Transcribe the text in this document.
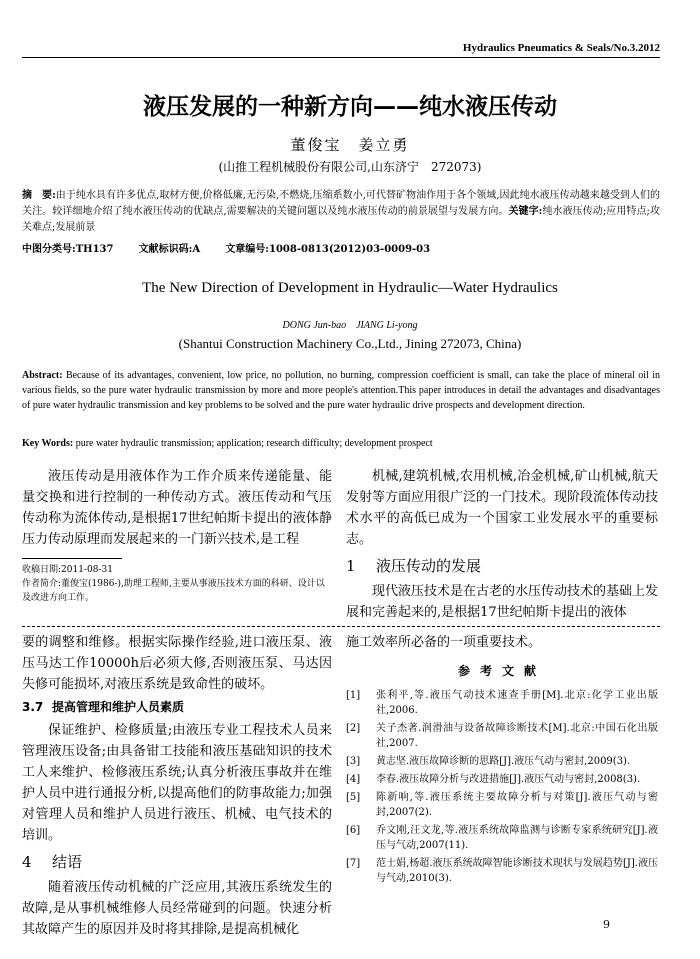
Hydraulics Pneumatics & Seals/No.3.2012
液压发展的一种新方向——纯水液压传动
董俊宝　姜立勇
(山推工程机械股份有限公司,山东济宁　272073)
摘　要:由于纯水具有许多优点,取材方便,价格低廉,无污染,不燃烧,压缩系数小,可代替矿物油作用于各个领域,因此纯水液压传动越来越受到人们的关注。较详细地介绍了纯水液压传动的优缺点,需要解决的关键问题以及纯水液压传动的前景展望与发展方向。关键字:纯水液压传动;应用特点;攻关难点;发展前景
中图分类号:TH137	文献标识码:A	文章编号:1008-0813(2012)03-0009-03
The New Direction of Development in Hydraulic—Water Hydraulics
DONG Jun-bao　JIANG Li-yong
(Shantui Construction Machinery Co.,Ltd., Jining 272073, China)
Abstract: Because of its advantages, convenient, low price, no pollution, no burning, compression coefficient is small, can take the place of mineral oil in various fields, so the pure water hydraulic transmission by more and more people's attention.This paper introduces in detail the advantages and disadvantages of pure water hydraulic transmission and key problems to be solved and the pure water hydraulic drive prospects and development direction.
Key Words: pure water hydraulic transmission; application; research difficulty; development prospect

液压传动是用液体作为工作介质来传递能量、能量交换和进行控制的一种传动方式。液压传动和气压传动称为流体传动,是根据17世纪帕斯卡提出的液体静压力传动原理而发展起来的一门新兴技术,是工程

收稿日期:2011-08-31
作者简介:董俊宝(1986-),助理工程师,主要从事液压技术方面的科研、设计以及改进方向工作。

机械,建筑机械,农用机械,冶金机械,矿山机械,航天发射等方面应用很广泛的一门技术。现阶段流体传动技术水平的高低已成为一个国家工业发展水平的重要标志。

1 液压传动的发展

现代液压技术是在古老的水压传动技术的基础上发展和完善起来的,是根据17世纪帕斯卡提出的液体

要的调整和维修。根据实际操作经验,进口液压泵、液压马达工作10000h后必须大修,否则液压泵、马达因失修可能损坏,对液压系统是致命性的破坏。

3.7 提高管理和维护人员素质

保证维护、检修质量;由液压专业工程技术人员来管理液压设备;由具备钳工技能和液压基础知识的技术工人来维护、检修液压系统;认真分析液压事故并在维护人员中进行通报分析,以提高他们的防事故能力;加强对管理人员和维护人员进行液压、机械、电气技术的培训。

4 结语

随着液压传动机械的广泛应用,其液压系统发生的故障,是从事机械维修人员经常碰到的问题。快速分析其故障产生的原因并及时将其排除,是提高机械化

施工效率所必备的一项重要技术。

参考文献
[1]	张利平,等.液压气动技术速查手册[M].北京:化学工业出版社,2006.
[2]	关子杰著.润滑油与设备故障诊断技术[M].北京:中国石化出版社,2007.
[3]	黄志坚.液压故障诊断的思路[J].液压气动与密封,2009(3).
[4]	李春.液压故障分析与改进措施[J].液压气动与密封,2008(3).
[5]	陈新响,等.液压系统主要故障分析与对策[J].液压气动与密封,2007(2).
[6]	乔文刚,汪文龙,等.液压系统故障监测与诊断专家系统研究[J].液压与气动,2007(11).
[7]	范士娟,杨超.液压系统故障智能诊断技术现状与发展趋势[J].液压与气动,2010(3).
9
